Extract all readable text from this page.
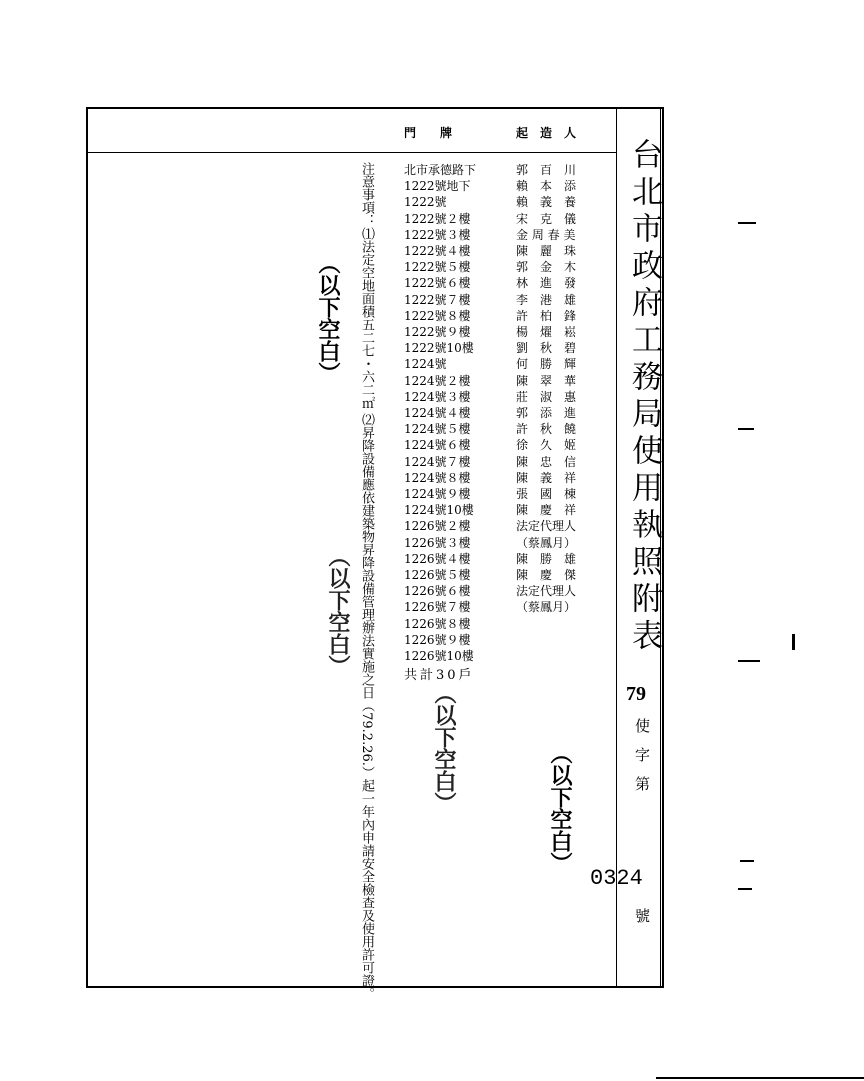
台北市政府工務局使用執照附表
79
使字第
0324
號
門　　牌	起　造　人
郭　百　川
賴　本　添
賴　義　養
宋　克　儀
金 周 春 美
陳　麗　珠
郭　金　木
林　進　發
李　港　雄
許　柏　鋒
楊　燿　崧
劉　秋　碧
何　勝　輝
陳　翠　華
莊　淑　惠
郭　添　進
許　秋　饒
徐　久　姬
陳　忠　信
陳　義　祥
張　國　棟
陳　慶　祥
法定代理人
（蔡鳳月）
陳　勝　雄
陳　慶　傑
法定代理人
（蔡鳳月）
北市承德路下
1222號地下
1222號
1222號２樓
1222號３樓
1222號４樓
1222號５樓
1222號６樓
1222號７樓
1222號８樓
1222號９樓
1222號10樓
1224號
1224號２樓
1224號３樓
1224號４樓
1224號５樓
1224號６樓
1224號７樓
1224號８樓
1224號９樓
1224號10樓
1226號２樓
1226號３樓
1226號４樓
1226號５樓
1226號６樓
1226號７樓
1226號８樓
1226號９樓
1226號10樓
共計30戶
注意事項：⑴法定空地面積五二七・六二㎡ ⑵昇降設備應依建築物昇降設備管理辦法實施之日（79.2.26.）起一年內申請安全檢查及使用許可證。
（以下空白）
（以下空白）
（以下空白）	（以下空白）
